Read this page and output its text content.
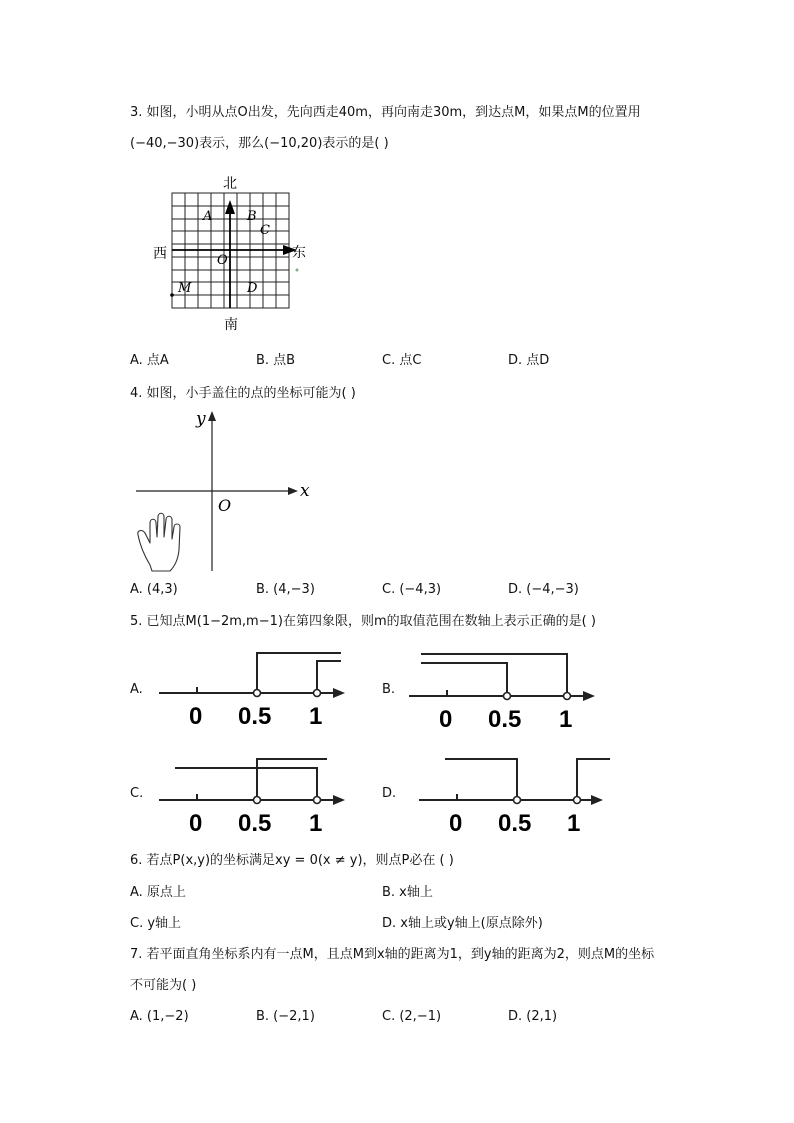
3. 如图，小明从点O出发，先向西走40m，再向南走30m，到达点M，如果点M的位置用
(−40,−30)表示，那么(−10,20)表示的是( )
北
南
西	东
A	B
C
O
M	D
A. 点A	B. 点B	C. 点C	D. 点D
4. 如图，小手盖住的点的坐标可能为( )
y
x
O
A. (4,3)	B. (4,−3)	C. (−4,3)	D. (−4,−3)
5. 已知点M(1−2m,m−1)在第四象限，则m的取值范围在数轴上表示正确的是( )
A.
0 0.5 1
B.
0 0.5 1
C.
0 0.5 1
D.
0 0.5 1
6. 若点P(x,y)的坐标满足xy = 0(x ≠ y)，则点P必在 ( )
A. 原点上	B. x轴上
C. y轴上	D. x轴上或y轴上(原点除外)
7. 若平面直角坐标系内有一点M，且点M到x轴的距离为1，到y轴的距离为2，则点M的坐标
不可能为( )
A. (1,−2)	B. (−2,1)	C. (2,−1)	D. (2,1)
